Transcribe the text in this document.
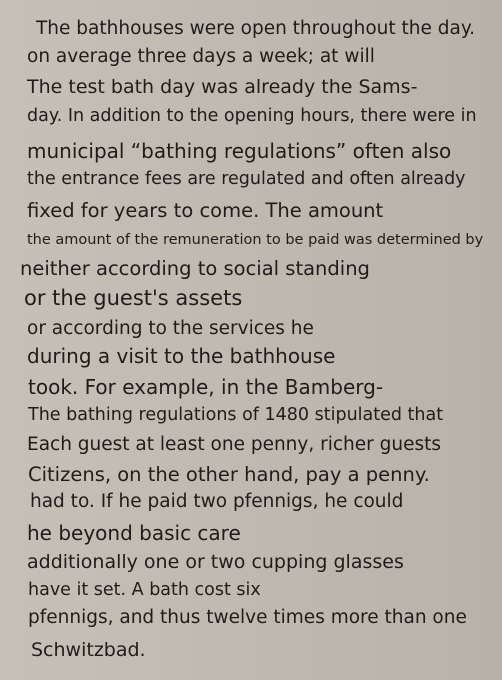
The bathhouses were open throughout the day.
on average three days a week; at will
The test bath day was already the Sams-
day. In addition to the opening hours, there were in
municipal “bathing regulations” often also
the entrance fees are regulated and often already
fixed for years to come. The amount
the amount of the remuneration to be paid was determined by
neither according to social standing
or the guest's assets
or according to the services he
during a visit to the bathhouse
took. For example, in the Bamberg-
The bathing regulations of 1480 stipulated that
Each guest at least one penny, richer guests
Citizens, on the other hand, pay a penny.
had to. If he paid two pfennigs, he could
he beyond basic care
additionally one or two cupping glasses
have it set. A bath cost six
pfennigs, and thus twelve times more than one
Schwitzbad.
